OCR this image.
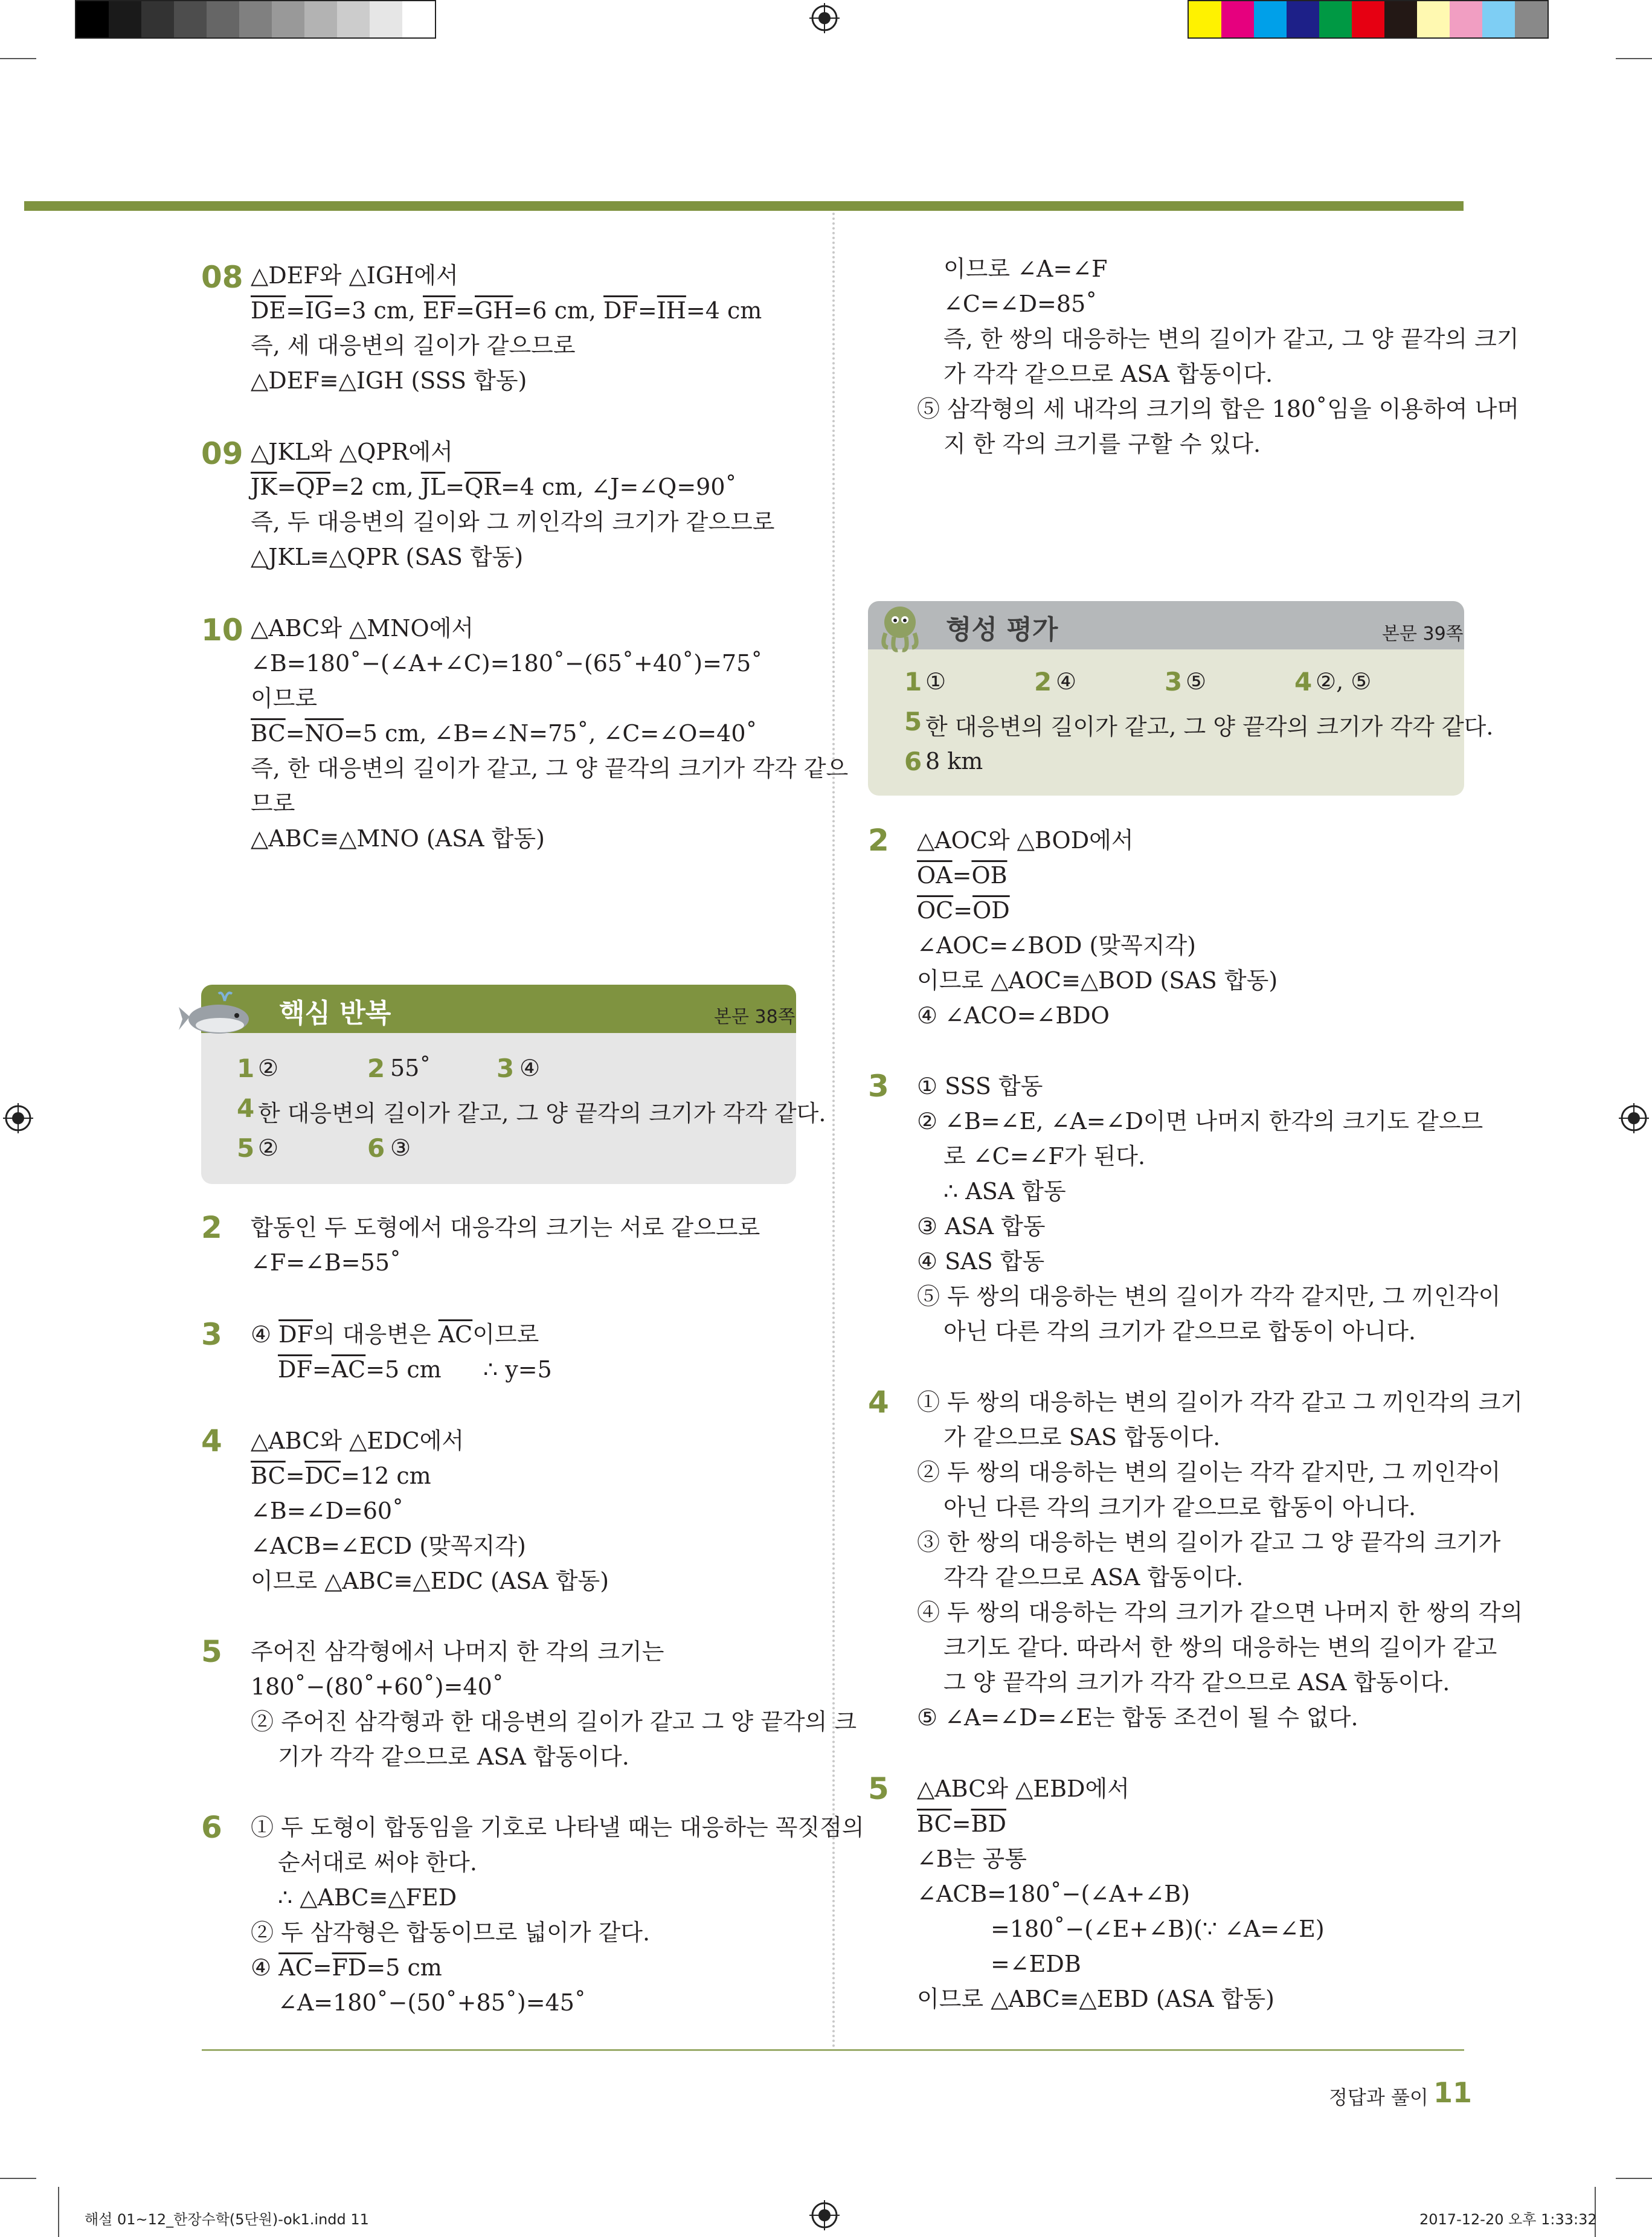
08 △DEF와 △IGH에서
$\overline{DE}=\overline{IG}=3$ cm, $\overline{EF}=\overline{GH}=6$ cm, $\overline{DF}=\overline{IH}=4$ cm
즉, 세 대응변의 길이가 같으므로
△DEF≡△IGH (SSS 합동)
09 △JKL와 △QPR에서
$\overline{JK}=\overline{QP}=2$ cm, $\overline{JL}=\overline{QR}=4$ cm, ∠J=∠Q=90˚
즉, 두 대응변의 길이와 그 끼인각의 크기가 같으므로
△JKL≡△QPR (SAS 합동)
10 △ABC와 △MNO에서
∠B=180˚−(∠A+∠C)=180˚−(65˚+40˚)=75˚
이므로
$\overline{BC}=\overline{NO}=5$ cm, ∠B=∠N=75˚, ∠C=∠O=40˚
즉, 한 대응변의 길이가 같고, 그 양 끝각의 크기가 각각 같으
므로
△ABC≡△MNO (ASA 합동)
핵심 반복	본문 38쪽
1 ②	2 55˚	3 ④
4 한 대응변의 길이가 같고, 그 양 끝각의 크기가 각각 같다.
5 ②	6 ③
2 합동인 두 도형에서 대응각의 크기는 서로 같으므로
∠F=∠B=55˚
3 ④ $\overline{DF}$의 대응변은 $\overline{AC}$이므로
$\overline{DF}=\overline{AC}=5$ cm ∴ y=5
4 △ABC와 △EDC에서
$\overline{BC}=\overline{DC}=12$ cm
∠B=∠D=60˚
∠ACB=∠ECD (맞꼭지각)
이므로 △ABC≡△EDC (ASA 합동)
5 주어진 삼각형에서 나머지 한 각의 크기는
180˚−(80˚+60˚)=40˚
② 주어진 삼각형과 한 대응변의 길이가 같고 그 양 끝각의 크
기가 각각 같으므로 ASA 합동이다.
6 ① 두 도형이 합동임을 기호로 나타낼 때는 대응하는 꼭짓점의
순서대로 써야 한다.
∴ △ABC≡△FED
② 두 삼각형은 합동이므로 넓이가 같다.
④ $\overline{AC}=\overline{FD}=5$ cm
∠A=180˚−(50˚+85˚)=45˚
이므로 ∠A=∠F
∠C=∠D=85˚
즉, 한 쌍의 대응하는 변의 길이가 같고, 그 양 끝각의 크기
가 각각 같으므로 ASA 합동이다.
⑤ 삼각형의 세 내각의 크기의 합은 180˚임을 이용하여 나머
지 한 각의 크기를 구할 수 있다.
형성 평가	본문 39쪽
1 ①	2 ④	3 ⑤	4 ②, ⑤
5 한 대응변의 길이가 같고, 그 양 끝각의 크기가 각각 같다.
6 8 km
2 △AOC와 △BOD에서
$\overline{OA}=\overline{OB}$
$\overline{OC}=\overline{OD}$
∠AOC=∠BOD (맞꼭지각)
이므로 △AOC≡△BOD (SAS 합동)
④ ∠ACO=∠BDO
3 ① SSS 합동
② ∠B=∠E, ∠A=∠D이면 나머지 한각의 크기도 같으므
로 ∠C=∠F가 된다.
∴ ASA 합동
③ ASA 합동
④ SAS 합동
⑤ 두 쌍의 대응하는 변의 길이가 각각 같지만, 그 끼인각이
아닌 다른 각의 크기가 같으므로 합동이 아니다.
4 ① 두 쌍의 대응하는 변의 길이가 각각 같고 그 끼인각의 크기
가 같으므로 SAS 합동이다.
② 두 쌍의 대응하는 변의 길이는 각각 같지만, 그 끼인각이
아닌 다른 각의 크기가 같으므로 합동이 아니다.
③ 한 쌍의 대응하는 변의 길이가 같고 그 양 끝각의 크기가
각각 같으므로 ASA 합동이다.
④ 두 쌍의 대응하는 각의 크기가 같으면 나머지 한 쌍의 각의
크기도 같다. 따라서 한 쌍의 대응하는 변의 길이가 같고
그 양 끝각의 크기가 각각 같으므로 ASA 합동이다.
⑤ ∠A=∠D=∠E는 합동 조건이 될 수 없다.
5 △ABC와 △EBD에서
$\overline{BC}=\overline{BD}$
∠B는 공통
∠ACB=180˚−(∠A+∠B)
=180˚−(∠E+∠B)(∵ ∠A=∠E)
=∠EDB
이므로 △ABC≡△EBD (ASA 합동)
정답과 풀이 11
해설 01~12_한장수학(5단원)-ok1.indd 11	2017-12-20 오후 1:33:32
